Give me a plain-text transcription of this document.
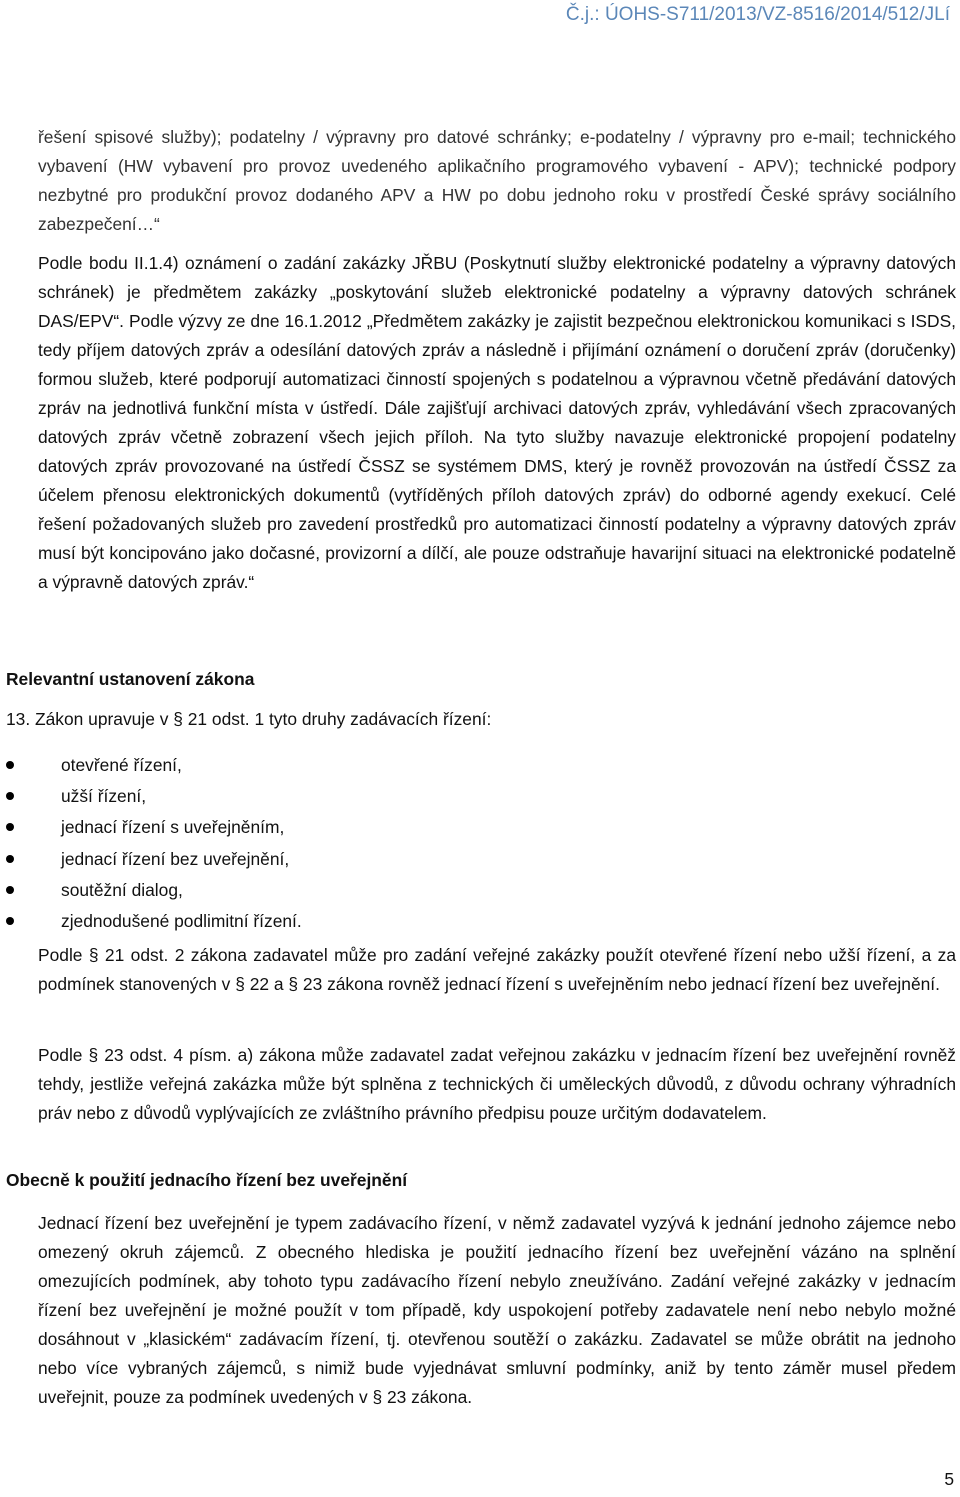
Č.j.: ÚOHS-S711/2013/VZ-8516/2014/512/JLí
řešení spisové služby); podatelny / výpravny pro datové schránky; e-podatelny / výpravny pro e-mail; technického vybavení (HW vybavení pro provoz uvedeného aplikačního programového vybavení - APV); technické podpory nezbytné pro produkční provoz dodaného APV a HW po dobu jednoho roku v prostředí České správy sociálního zabezpečení…“
Podle bodu II.1.4) oznámení o zadání zakázky JŘBU (Poskytnutí služby elektronické podatelny a výpravny datových schránek) je předmětem zakázky „poskytování služeb elektronické podatelny a výpravny datových schránek DAS/EPV“. Podle výzvy ze dne 16.1.2012 „Předmětem zakázky je zajistit bezpečnou elektronickou komunikaci s ISDS, tedy příjem datových zpráv a odesílání datových zpráv a následně i přijímání oznámení o doručení zpráv (doručenky) formou služeb, které podporují automatizaci činností spojených s podatelnou a výpravnou včetně předávání datových zpráv na jednotlivá funkční místa v ústředí. Dále zajišťují archivaci datových zpráv, vyhledávání všech zpracovaných datových zpráv včetně zobrazení všech jejich příloh. Na tyto služby navazuje elektronické propojení podatelny datových zpráv provozované na ústředí ČSSZ se systémem DMS, který je rovněž provozován na ústředí ČSSZ za účelem přenosu elektronických dokumentů (vytříděných příloh datových zpráv) do odborné agendy exekucí. Celé řešení požadovaných služeb pro zavedení prostředků pro automatizaci činností podatelny a výpravny datových zpráv musí být koncipováno jako dočasné, provizorní a dílčí, ale pouze odstraňuje havarijní situaci na elektronické podatelně a výpravně datových zpráv.“
Relevantní ustanovení zákona
13. Zákon upravuje v § 21 odst. 1 tyto druhy zadávacích řízení:
otevřené řízení,
užší řízení,
jednací řízení s uveřejněním,
jednací řízení bez uveřejnění,
soutěžní dialog,
zjednodušené podlimitní řízení.
Podle § 21 odst. 2 zákona zadavatel může pro zadání veřejné zakázky použít otevřené řízení nebo užší řízení, a za podmínek stanovených v § 22 a § 23 zákona rovněž jednací řízení s uveřejněním nebo jednací řízení bez uveřejnění.
Podle § 23 odst. 4 písm. a) zákona může zadavatel zadat veřejnou zakázku v jednacím řízení bez uveřejnění rovněž tehdy, jestliže veřejná zakázka může být splněna z technických či uměleckých důvodů, z důvodu ochrany výhradních práv nebo z důvodů vyplývajících ze zvláštního právního předpisu pouze určitým dodavatelem.
Obecně k použití jednacího řízení bez uveřejnění
Jednací řízení bez uveřejnění je typem zadávacího řízení, v němž zadavatel vyzývá k jednání jednoho zájemce nebo omezený okruh zájemců. Z obecného hlediska je použití jednacího řízení bez uveřejnění vázáno na splnění omezujících podmínek, aby tohoto typu zadávacího řízení nebylo zneužíváno. Zadání veřejné zakázky v jednacím řízení bez uveřejnění je možné použít v tom případě, kdy uspokojení potřeby zadavatele není nebo nebylo možné dosáhnout v „klasickém“ zadávacím řízení, tj. otevřenou soutěží o zakázku. Zadavatel se může obrátit na jednoho nebo více vybraných zájemců, s nimiž bude vyjednávat smluvní podmínky, aniž by tento záměr musel předem uveřejnit, pouze za podmínek uvedených v § 23 zákona.
5
